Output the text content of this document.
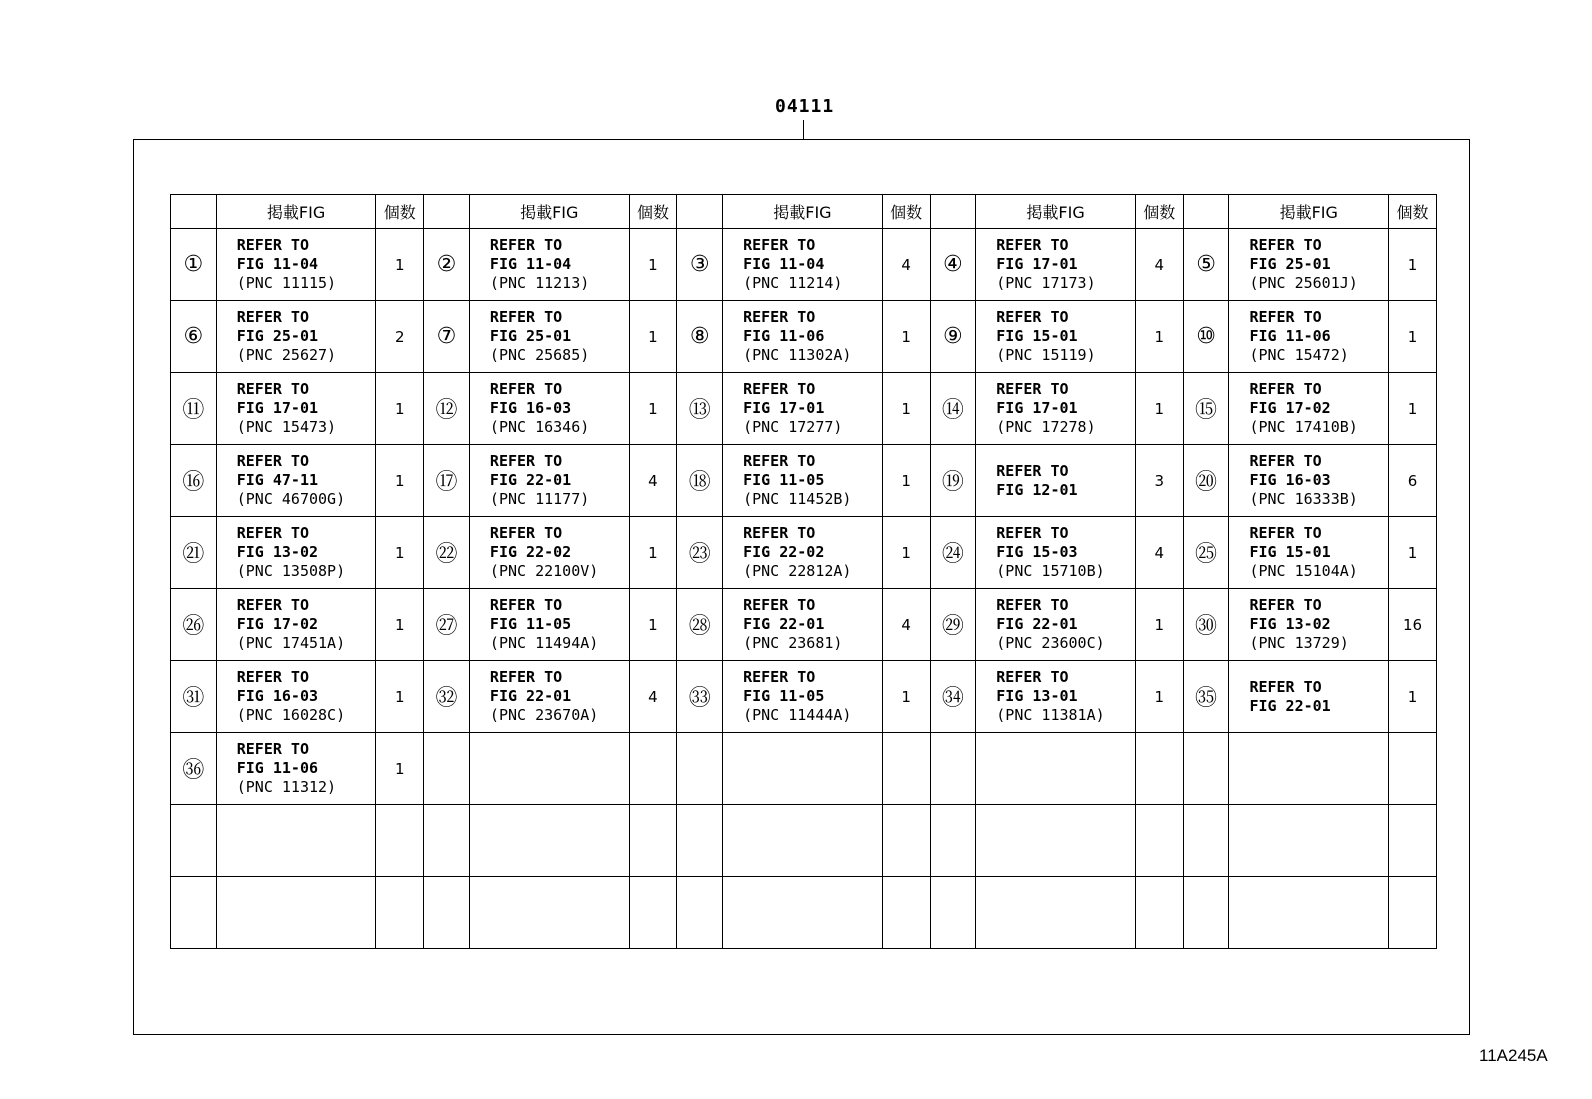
04111
	掲載FIG	個数		掲載FIG	個数		掲載FIG	個数		掲載FIG	個数		掲載FIG	個数
①	REFER TO
FIG 11-04
(PNC 11115)	1	②	REFER TO
FIG 11-04
(PNC 11213)	1	③	REFER TO
FIG 11-04
(PNC 11214)	4	④	REFER TO
FIG 17-01
(PNC 17173)	4	⑤	REFER TO
FIG 25-01
(PNC 25601J)	1
⑥	REFER TO
FIG 25-01
(PNC 25627)	2	⑦	REFER TO
FIG 25-01
(PNC 25685)	1	⑧	REFER TO
FIG 11-06
(PNC 11302A)	1	⑨	REFER TO
FIG 15-01
(PNC 15119)	1	⑩	REFER TO
FIG 11-06
(PNC 15472)	1
⑪	REFER TO
FIG 17-01
(PNC 15473)	1	⑫	REFER TO
FIG 16-03
(PNC 16346)	1	⑬	REFER TO
FIG 17-01
(PNC 17277)	1	⑭	REFER TO
FIG 17-01
(PNC 17278)	1	⑮	REFER TO
FIG 17-02
(PNC 17410B)	1
⑯	REFER TO
FIG 47-11
(PNC 46700G)	1	⑰	REFER TO
FIG 22-01
(PNC 11177)	4	⑱	REFER TO
FIG 11-05
(PNC 11452B)	1	⑲	REFER TO
FIG 12-01	3	⑳	REFER TO
FIG 16-03
(PNC 16333B)	6
㉑	REFER TO
FIG 13-02
(PNC 13508P)	1	㉒	REFER TO
FIG 22-02
(PNC 22100V)	1	㉓	REFER TO
FIG 22-02
(PNC 22812A)	1	㉔	REFER TO
FIG 15-03
(PNC 15710B)	4	㉕	REFER TO
FIG 15-01
(PNC 15104A)	1
㉖	REFER TO
FIG 17-02
(PNC 17451A)	1	㉗	REFER TO
FIG 11-05
(PNC 11494A)	1	㉘	REFER TO
FIG 22-01
(PNC 23681)	4	㉙	REFER TO
FIG 22-01
(PNC 23600C)	1	㉚	REFER TO
FIG 13-02
(PNC 13729)	16
㉛	REFER TO
FIG 16-03
(PNC 16028C)	1	㉜	REFER TO
FIG 22-01
(PNC 23670A)	4	㉝	REFER TO
FIG 11-05
(PNC 11444A)	1	㉞	REFER TO
FIG 13-01
(PNC 11381A)	1	㉟	REFER TO
FIG 22-01	1
㊱	REFER TO
FIG 11-06
(PNC 11312)	1		

11A245A
